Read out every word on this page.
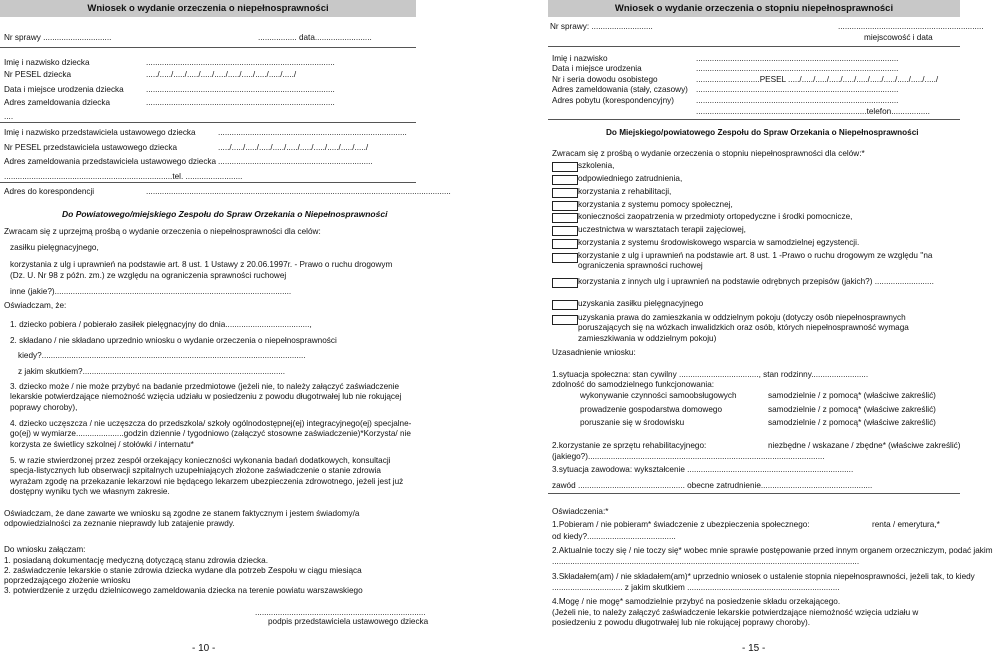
Wniosek o wydanie orzeczenia o niepełnosprawności
Nr sprawy ..............................	................. data.........................
Imię i nazwisko dziecka	...................................................................................
Nr PESEL dziecka	...../...../...../...../...../...../...../...../...../...../...../
Data i miejsce urodzenia dziecka	...................................................................................
Adres zameldowania dziecka	...................................................................................
....
Imię i nazwisko przedstawiciela ustawowego dziecka	...................................................................................
Nr PESEL przedstawiciela ustawowego dziecka	...../...../...../...../...../...../...../...../...../...../...../
Adres zameldowania przedstawiciela ustawowego dziecka ....................................................................
..........................................................................tel. .........................
Adres do korespondencji	......................................................................................................................................
Do Powiatowego/miejskiego Zespołu do Spraw Orzekania o Niepełnosprawności
Zwracam się z uprzejmą prośbą o wydanie orzeczenia o niepełnosprawności dla celów:
zasiłku pielęgnacyjnego,
korzystania z ulg i uprawnień na podstawie art. 8 ust. 1 Ustawy z 20.06.1997r. - Prawo o ruchu drogowym
(Dz. U. Nr 98 z późn. zm.) ze względu na ograniczenia sprawności ruchowej
inne (jakie?)........................................................................................................
Oświadczam, że:
1. dziecko pobiera / pobierało zasiłek pielęgnacyjny do dnia.....................................,
2. składano / nie składano uprzednio wniosku o wydanie orzeczenia o niepełnosprawności
kiedy?....................................................................................................................
z jakim skutkiem?.........................................................................................
3. dziecko może / nie może przybyć na badanie przedmiotowe (jeżeli nie, to należy załączyć zaświadczenie lekarskie potwierdzające niemożność wzięcia udziału w posiedzeniu z powodu długotrwałej lub nie rokującej poprawy choroby),
4. dziecko uczęszcza / nie uczęszcza do przedszkola/ szkoły ogólnodostępnej(ej) integracyjnego(ej) specjalne-go(ej) w wymiarze.....................godzin dziennie / tygodniowo (załączyć stosowne zaświadczenie)*Korzysta/ nie korzysta ze świetlicy szkolnej / stołówki / internatu*
5. w razie stwierdzonej przez zespół orzekający konieczności wykonania badań dodatkowych, konsultacji specja-listycznych lub obserwacji szpitalnych uzupełniających złożone zaświadczenie o stanie zdrowia wyrażam zgodę na przekazanie lekarzowi nie będącego lekarzem ubezpieczenia zdrowotnego, jeżeli jest już dostępny wyniku tych we własnym zakresie.
Oświadczam, że dane zawarte we wniosku są zgodne ze stanem faktycznym i jestem świadomy/a odpowiedzialności za zeznanie nieprawdy lub zatajenie prawdy.
Do wniosku załączam:
1. posiadaną dokumentację medyczną dotyczącą stanu zdrowia dziecka.
2. zaświadczenie lekarskie o stanie zdrowia dziecka wydane dla potrzeb Zespołu w ciągu miesiąca poprzedzającego złożenie wniosku
3. potwierdzenie z urzędu dzielnicowego zameldowania dziecka na terenie powiatu warszawskiego
...........................................................................
podpis przedstawiciela ustawowego dziecka
- 10 -
Wniosek o wydanie orzeczenia o stopniu niepełnosprawności
Nr sprawy: ...........................	................................................................
miejscowość i data
Imię i nazwisko	.........................................................................................
Data i miejsce urodzenia	.........................................................................................
Nr i seria dowodu osobistego	............................PESEL ...../...../...../...../...../...../...../...../...../...../...../
Adres zameldowania (stały, czasowy) .........................................................................................
Adres pobytu (korespondencyjny)	.........................................................................................
...........................................................................telefon.................
Do Miejskiego/powiatowego Zespołu do Spraw Orzekania o Niepełnosprawności
Zwracam się z prośbą o wydanie orzeczenia o stopniu niepełnosprawności dla celów:*
szkolenia,
odpowiedniego zatrudnienia,
korzystania z rehabilitacji,
korzystania z systemu pomocy społecznej,
konieczności zaopatrzenia w przedmioty ortopedyczne i środki pomocnicze,
uczestnictwa w warsztatach terapii zajęciowej,
korzystania z systemu środowiskowego wsparcia w samodzielnej egzystencji.
korzystanie z ulg i uprawnień na podstawie art. 8 ust. 1 -Prawo o ruchu drogowym ze względu ''na ograniczenia sprawności ruchowej
korzystania z innych ulg i uprawnień na podstawie odrębnych przepisów (jakich?) ..........................
uzyskania zasiłku pielęgnacyjnego
uzyskania prawa do zamieszkania w oddzielnym pokoju (dotyczy osób niepełnosprawnych poruszających się na wózkach inwalidzkich oraz osób, których niepełnosprawność wymaga zamieszkiwania w oddzielnym pokoju)
Uzasadnienie wniosku:
1.sytuacja społeczna: stan cywilny ..................................., stan rodzinny.........................
zdolność do samodzielnego funkcjonowania:
wykonywanie czynności samoobsługowych	samodzielnie / z pomocą* (właściwe zakreślić)
prowadzenie gospodarstwa domowego	samodzielnie / z pomocą* (właściwe zakreślić)
poruszanie się w środowisku	samodzielnie / z pomocą* (właściwe zakreślić)
2.korzystanie ze sprzętu rehabilitacyjnego:	niezbędne / wskazane / zbędne* (właściwe zakreślić)
(jakiego?)........................................................................................................
3.sytuacja zawodowa: wykształcenie .........................................................................
zawód ............................................... obecne zatrudnienie.................................................
Oświadczenia:*
1.Pobieram / nie pobieram* świadczenie z ubezpieczenia społecznego:	renta / emerytura,*
od kiedy?.......................................
2.Aktualnie toczy się / nie toczy się* wobec mnie sprawie postępowanie przed innym organem orzeczniczym, podać jakim
.......................................................................................................................................
3.Składałem(am) / nie składałem(am)* uprzednio wniosek o ustalenie stopnia niepełnosprawności, jeżeli tak, to kiedy
............................... z jakim skutkiem ...................................................................
4.Mogę / nie mogę* samodzielnie przybyć na posiedzenie składu orzekającego.
(Jeżeli nie, to należy załączyć zaświadczenie lekarskie potwierdzające niemożność wzięcia udziału w posiedzeniu z powodu długotrwałej lub nie rokującej poprawy choroby).
- 15 -
